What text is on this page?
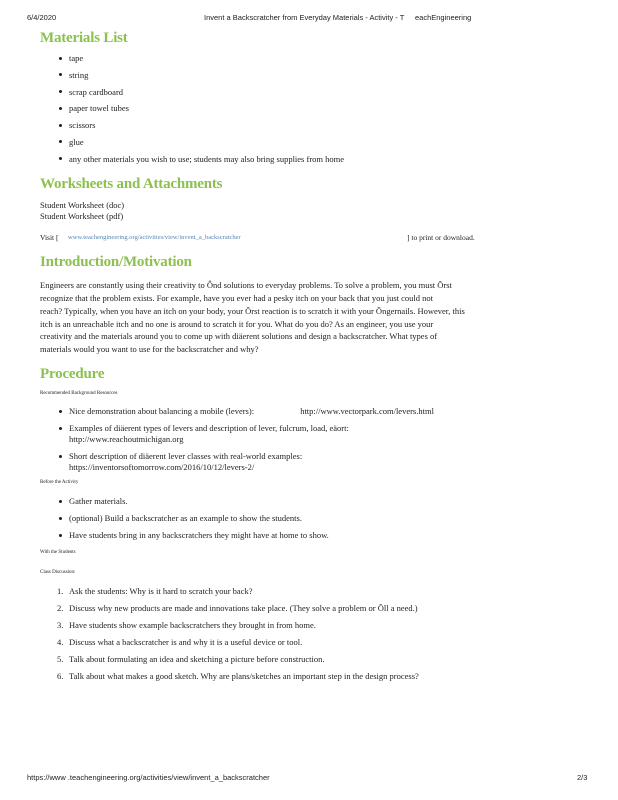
6/4/2020	Invent a Backscratcher from Everyday Materials - Activity - T eachEngineering
Materials List
tape
string
scrap cardboard
paper towel tubes
scissors
glue
any other materials you wish to use; students may also bring supplies from home
Worksheets and Attachments

Student Worksheet (doc)

Student Worksheet (pdf)

Visit [ www.teachengineering.org/activities/view/invent_a_backscratcher	] to print or download.
Introduction/Motivation

Engineers are constantly using their creativity to Ônd solutions to everyday problems. To solve a problem, you must Õrst

recognize that the problem exists. For example, have you ever had a pesky itch on your back that you just could not

reach? Typically, when you have an itch on your body, your Õrst reaction is to scratch it with your Õngernails. However, this

itch is an unreachable itch and no one is around to scratch it for you. What do you do? As an engineer, you use your

creativity and the materials around you to come up with diäerent solutions and design a backscratcher. What types of

materials would you want to use for the backscratcher and why?

Procedure

Recommended Background Resources

Nice demonstration about balancing a mobile (levers):	http://www.vectorpark.com/levers.html
Examples of diäerent types of levers and description of lever, fulcrum, load, eäort:
http://www.reachoutmichigan.org
Short description of diäerent lever classes with real-world examples:
https://inventorsoftomorrow.com/2016/10/12/levers-2/

Before the Activity

Gather materials.
(optional) Build a backscratcher as an example to show the students.
Have students bring in any backscratchers they might have at home to show.

With the Students

Class Discussion:

1. Ask the students: Why is it hard to scratch your back?
2. Discuss why new products are made and innovations take place. (They solve a problem or Õll a need.)
3. Have students show example backscratchers they brought in from home.
4. Discuss what a backscratcher is and why it is a useful device or tool.
5. Talk about formulating an idea and sketching a picture before construction.
6. Talk about what makes a good sketch. Why are plans/sketches an important step in the design process?
https://www .teachengineering.org/activities/view/invent_a_backscratcher	2/3
